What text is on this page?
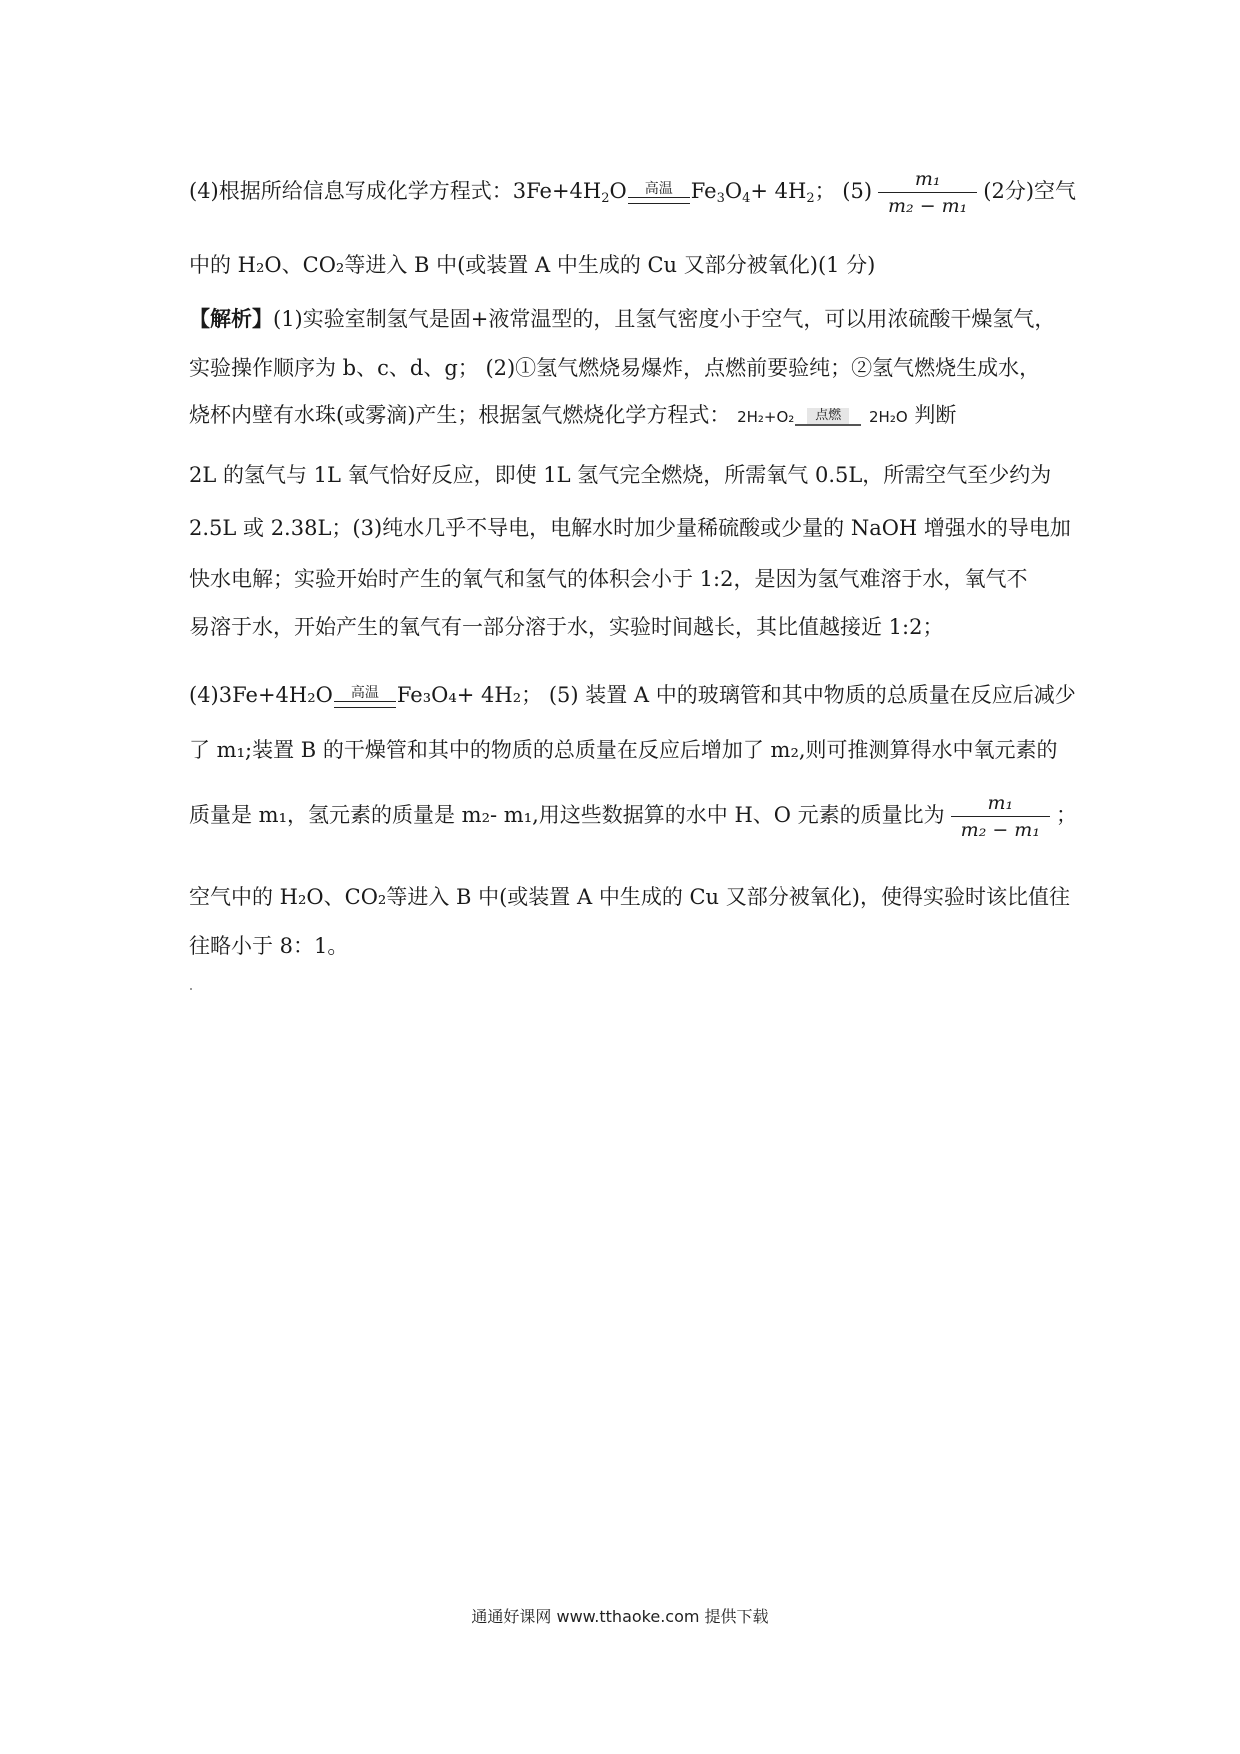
(4)根据所给信息写成化学方程式：$3Fe+4H_2O$ 高温 $Fe_3O_4+ 4H_2$； $(5) \frac{\text{m₁}}{\text{m₂ − m₁}} (2$分)空气
中的 H₂O、CO₂等进入 B 中(或装置 A 中生成的 Cu 又部分被氧化)(1 分)
【解析】(1)实验室制氢气是固+液常温型的，且氢气密度小于空气，可以用浓硫酸干燥氢气，
实验操作顺序为 b、c、d、g； (2)①氢气燃烧易爆炸，点燃前要验纯；②氢气燃烧生成水，
烧杯内壁有水珠(或雾滴)产生；根据氢气燃烧化学方程式： 2H₂+O₂	点燃	2H₂O 判断
2L 的氢气与 1L 氧气恰好反应，即使 1L 氢气完全燃烧，所需氧气 0.5L，所需空气至少约为
2.5L 或 2.38L；(3)纯水几乎不导电，电解水时加少量稀硫酸或少量的 NaOH 增强水的导电加
快水电解；实验开始时产生的氧气和氢气的体积会小于 1:2，是因为氢气难溶于水，氧气不
易溶于水，开始产生的氧气有一部分溶于水，实验时间越长，其比值越接近 1:2；
(4)3Fe+4H₂O 高温 Fe₃O₄+ 4H₂； (5) 装置 A 中的玻璃管和其中物质的总质量在反应后减少
了 m₁;装置 B 的干燥管和其中的物质的总质量在反应后增加了 m₂,则可推测算得水中氧元素的
质量是 m₁，氢元素的质量是 m₂- m₁,用这些数据算的水中 H、O 元素的质量比为 $\frac{\text{m₁}}{\text{m₂ − m₁}}$ ；
空气中的 H₂O、CO₂等进入 B 中(或装置 A 中生成的 Cu 又部分被氧化)，使得实验时该比值往
往略小于 8：1。
通通好课网 www.tthaoke.com 提供下载
